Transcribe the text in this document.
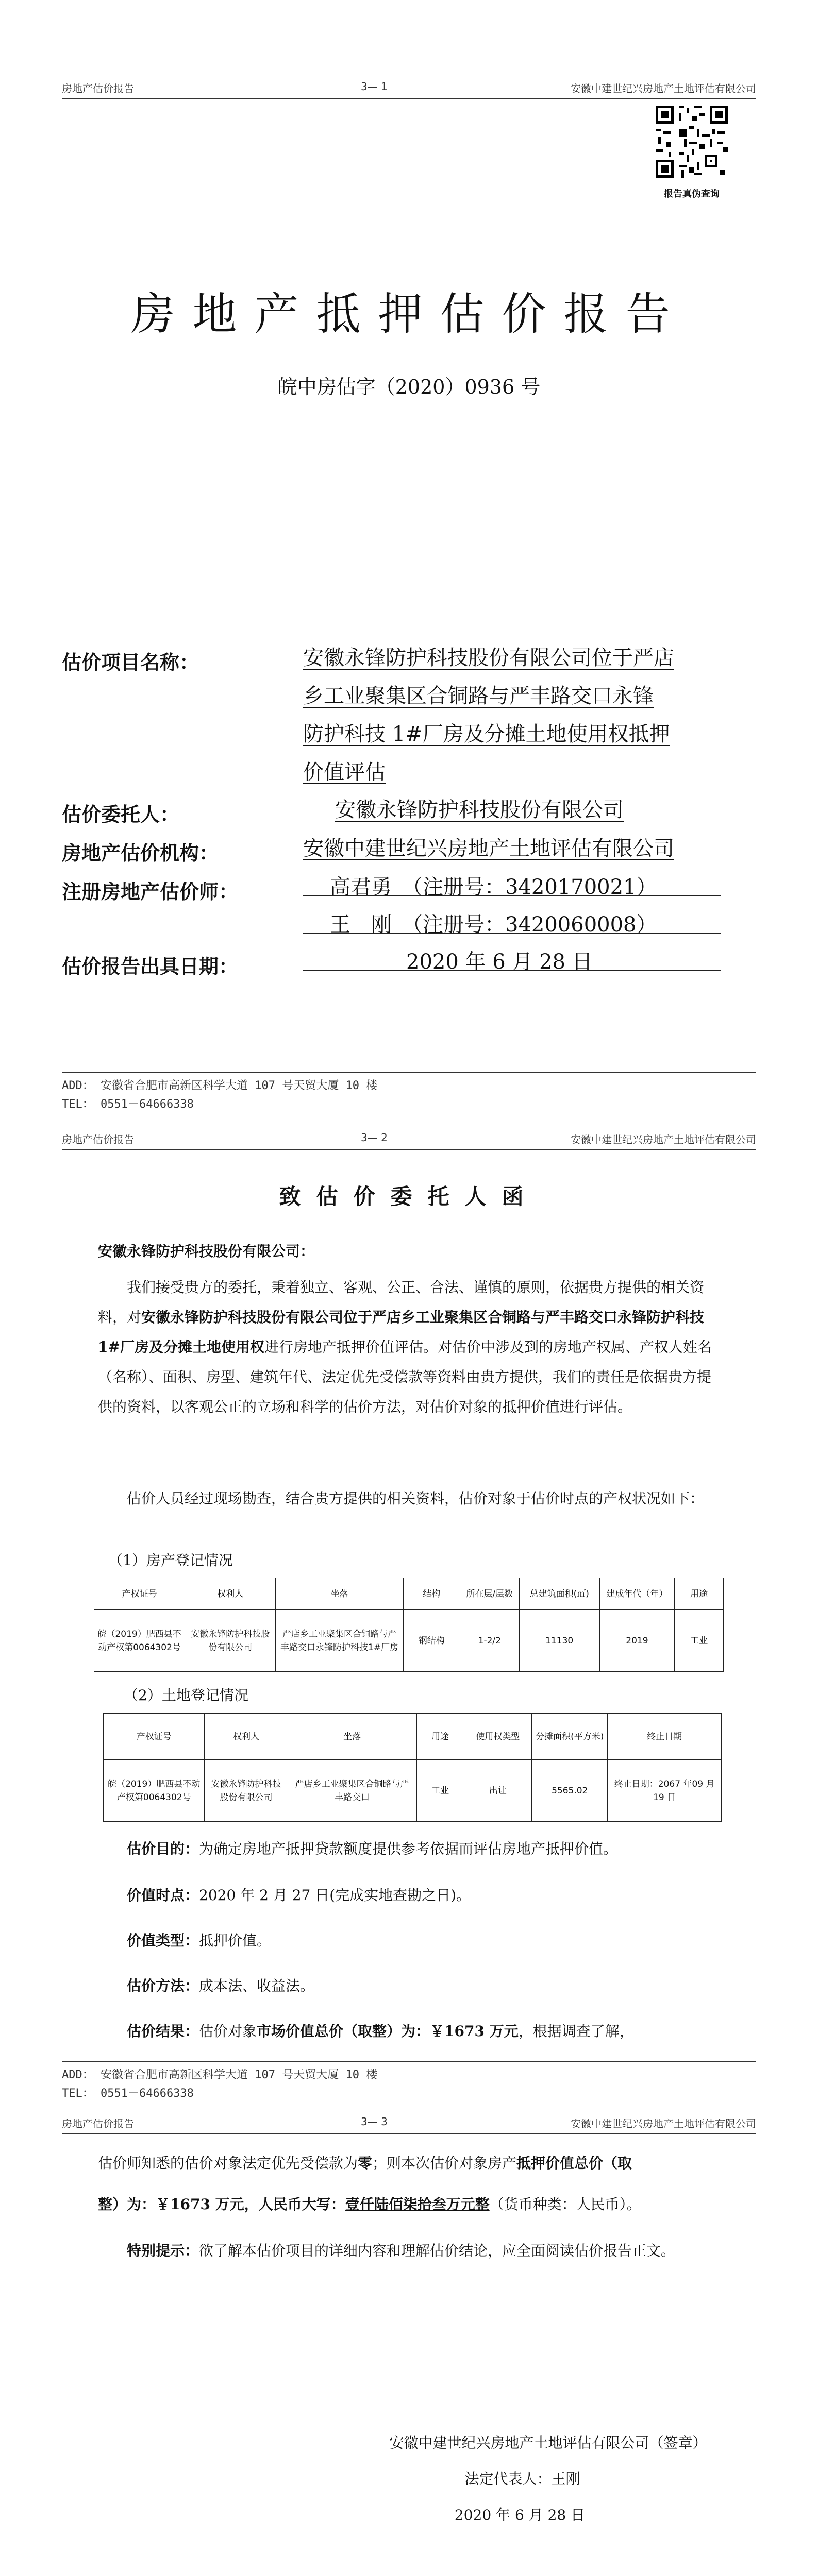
房地产估价报告	3— 1	安徽中建世纪兴房地产土地评估有限公司
报告真伪查询
房地产抵押估价报告
皖中房估字（2020）0936 号
估价项目名称：	安徽永锋防护科技股份有限公司位于严店
乡工业聚集区合铜路与严丰路交口永锋
防护科技 1#厂房及分摊土地使用权抵押
价值评估
估价委托人：	安徽永锋防护科技股份有限公司
房地产估价机构：	安徽中建世纪兴房地产土地评估有限公司
注册房地产估价师：	高君勇　（注册号：3420170021）
王　刚　（注册号：3420060008）
估价报告出具日期：	2020 年 6 月 28 日
ADD： 安徽省合肥市高新区科学大道 107 号天贸大厦 10 楼
TEL： 0551－64666338
房地产估价报告	3— 2	安徽中建世纪兴房地产土地评估有限公司
致估价委托人函
安徽永锋防护科技股份有限公司：
我们接受贵方的委托，秉着独立、客观、公正、合法、谨慎的原则，依据贵方提供的相关资料，对安徽永锋防护科技股份有限公司位于严店乡工业聚集区合铜路与严丰路交口永锋防护科技 1#厂房及分摊土地使用权进行房地产抵押价值评估。对估价中涉及到的房地产权属、产权人姓名（名称）、面积、房型、建筑年代、法定优先受偿款等资料由贵方提供，我们的责任是依据贵方提供的资料，以客观公正的立场和科学的估价方法，对估价对象的抵押价值进行评估。
估价人员经过现场勘查，结合贵方提供的相关资料，估价对象于估价时点的产权状况如下：
（1）房产登记情况
产权证号	权利人	坐落	结构	所在层/层数	总建筑面积(㎡)	建成年代（年）	用途
皖（2019）肥西县不动产权第0064302号	安徽永锋防护科技股份有限公司	严店乡工业聚集区合铜路与严丰路交口永锋防护科技1#厂房	钢结构	1-2/2	11130	2019	工业
（2）土地登记情况
产权证号	权利人	坐落	用途	使用权类型	分摊面积(平方米)	终止日期
皖（2019）肥西县不动产权第0064302号	安徽永锋防护科技股份有限公司	严店乡工业聚集区合铜路与严丰路交口	工业	出让	5565.02	终止日期：2067 年09 月 19 日
估价目的：为确定房地产抵押贷款额度提供参考依据而评估房地产抵押价值。
价值时点：2020 年 2 月 27 日(完成实地查勘之日)。
价值类型：抵押价值。
估价方法：成本法、收益法。
估价结果：估价对象市场价值总价（取整）为：￥1673 万元，根据调查了解，
ADD： 安徽省合肥市高新区科学大道 107 号天贸大厦 10 楼
TEL： 0551－64666338
房地产估价报告	3— 3	安徽中建世纪兴房地产土地评估有限公司
估价师知悉的估价对象法定优先受偿款为零；则本次估价对象房产抵押价值总价（取
整）为：￥1673 万元，人民币大写：壹仟陆佰柒拾叁万元整（货币种类：人民币）。
特别提示：欲了解本估价项目的详细内容和理解估价结论，应全面阅读估价报告正文。
安徽中建世纪兴房地产土地评估有限公司（签章）
法定代表人：王刚
2020 年 6 月 28 日
